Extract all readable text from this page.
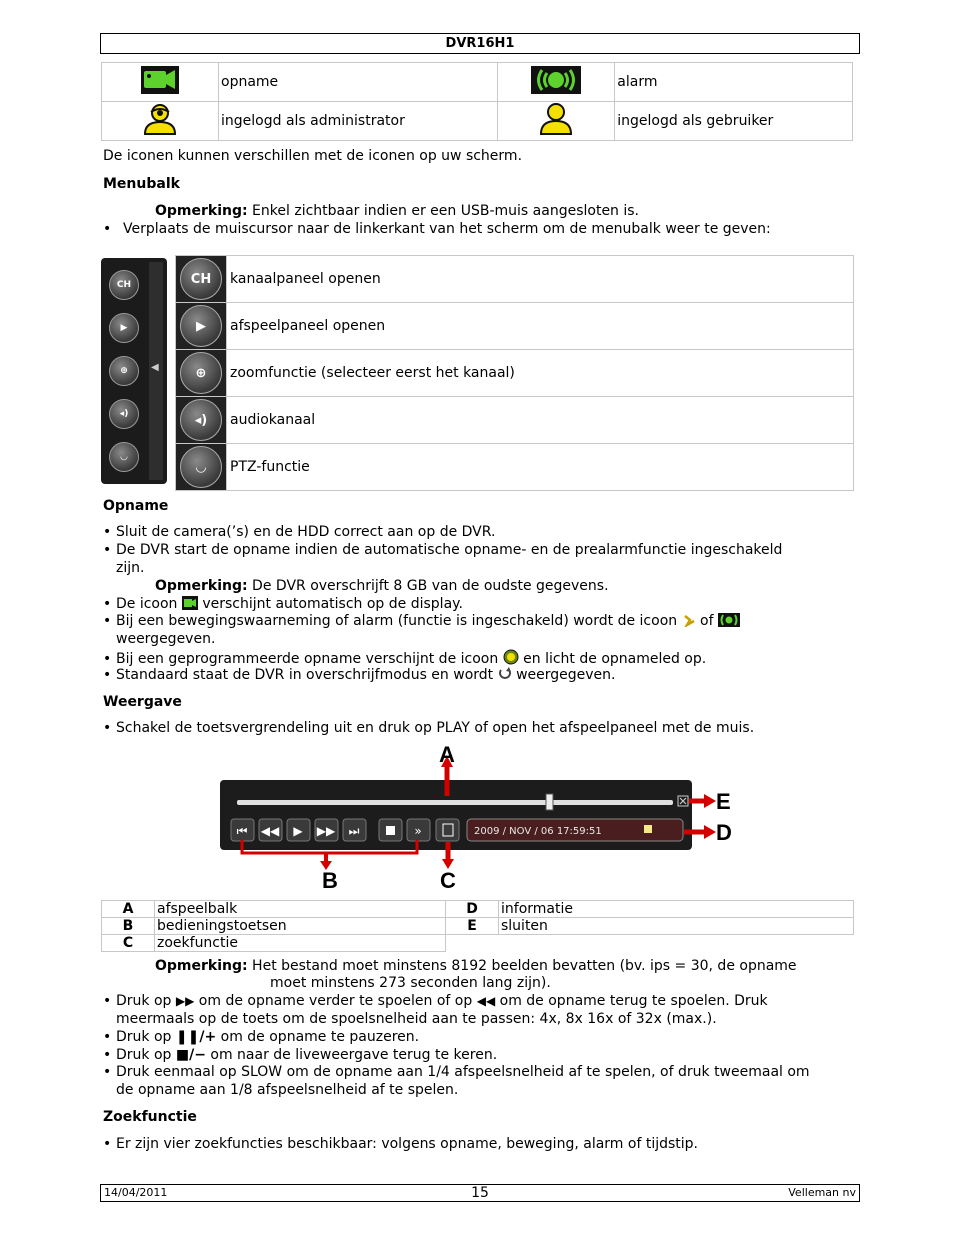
DVR16H1
	opname		alarm
	ingelogd als administrator		ingelogd als gebruiker
De iconen kunnen verschillen met de iconen op uw scherm.
Menubalk
Opmerking: Enkel zichtbaar indien er een USB-muis aangesloten is.
• Verplaats de muiscursor naar de linkerkant van het scherm om de menubalk weer te geven:
CH
▶
⊕
◂)
◡
◀
CH	kanaalpaneel openen

▶	afspeelpaneel openen

⊕	zoomfunctie (selecteer eerst het kanaal)

◂)	audiokanaal

◡	PTZ-functie
Opname
• Sluit de camera(’s) en de HDD correct aan op de DVR.
• De DVR start de opname indien de automatische opname- en de prealarmfunctie ingeschakeld
zijn.
Opmerking: De DVR overschrijft 8 GB van de oudste gegevens.
• De icoon verschijnt automatisch op de display.
• Bij een bewegingswaarneming of alarm (functie is ingeschakeld) wordt de icoon of
weergegeven.
• Bij een geprogrammeerde opname verschijnt de icoon en licht de opnameled op.
• Standaard staat de DVR in overschrijfmodus en wordt weergegeven.
Weergave
• Schakel de toetsvergrendeling uit en druk op PLAY of open het afspeelpaneel met de muis.
⏮ ◀◀ ▶ ▶▶ ⏭	»	2009 / NOV / 06 17:59:51
A
E
D
B	C
A	afspeelbalk	D	informatie
B	bedieningstoetsen	E	sluiten
C	zoekfunctie		
Opmerking: Het bestand moet minstens 8192 beelden bevatten (bv. ips = 30, de opname
moet minstens 273 seconden lang zijn).
• Druk op ▶▶ om de opname verder te spoelen of op ◀◀ om de opname terug te spoelen. Druk
meermaals op de toets om de spoelsnelheid aan te passen: 4x, 8x 16x of 32x (max.).
• Druk op ❚❚/+ om de opname te pauzeren.
• Druk op ■/− om naar de liveweergave terug te keren.
• Druk eenmaal op SLOW om de opname aan 1/4 afspeelsnelheid af te spelen, of druk tweemaal om
de opname aan 1/8 afspeelsnelheid af te spelen.
Zoekfunctie
• Er zijn vier zoekfuncties beschikbaar: volgens opname, beweging, alarm of tijdstip.
14/04/2011	15	Velleman nv
